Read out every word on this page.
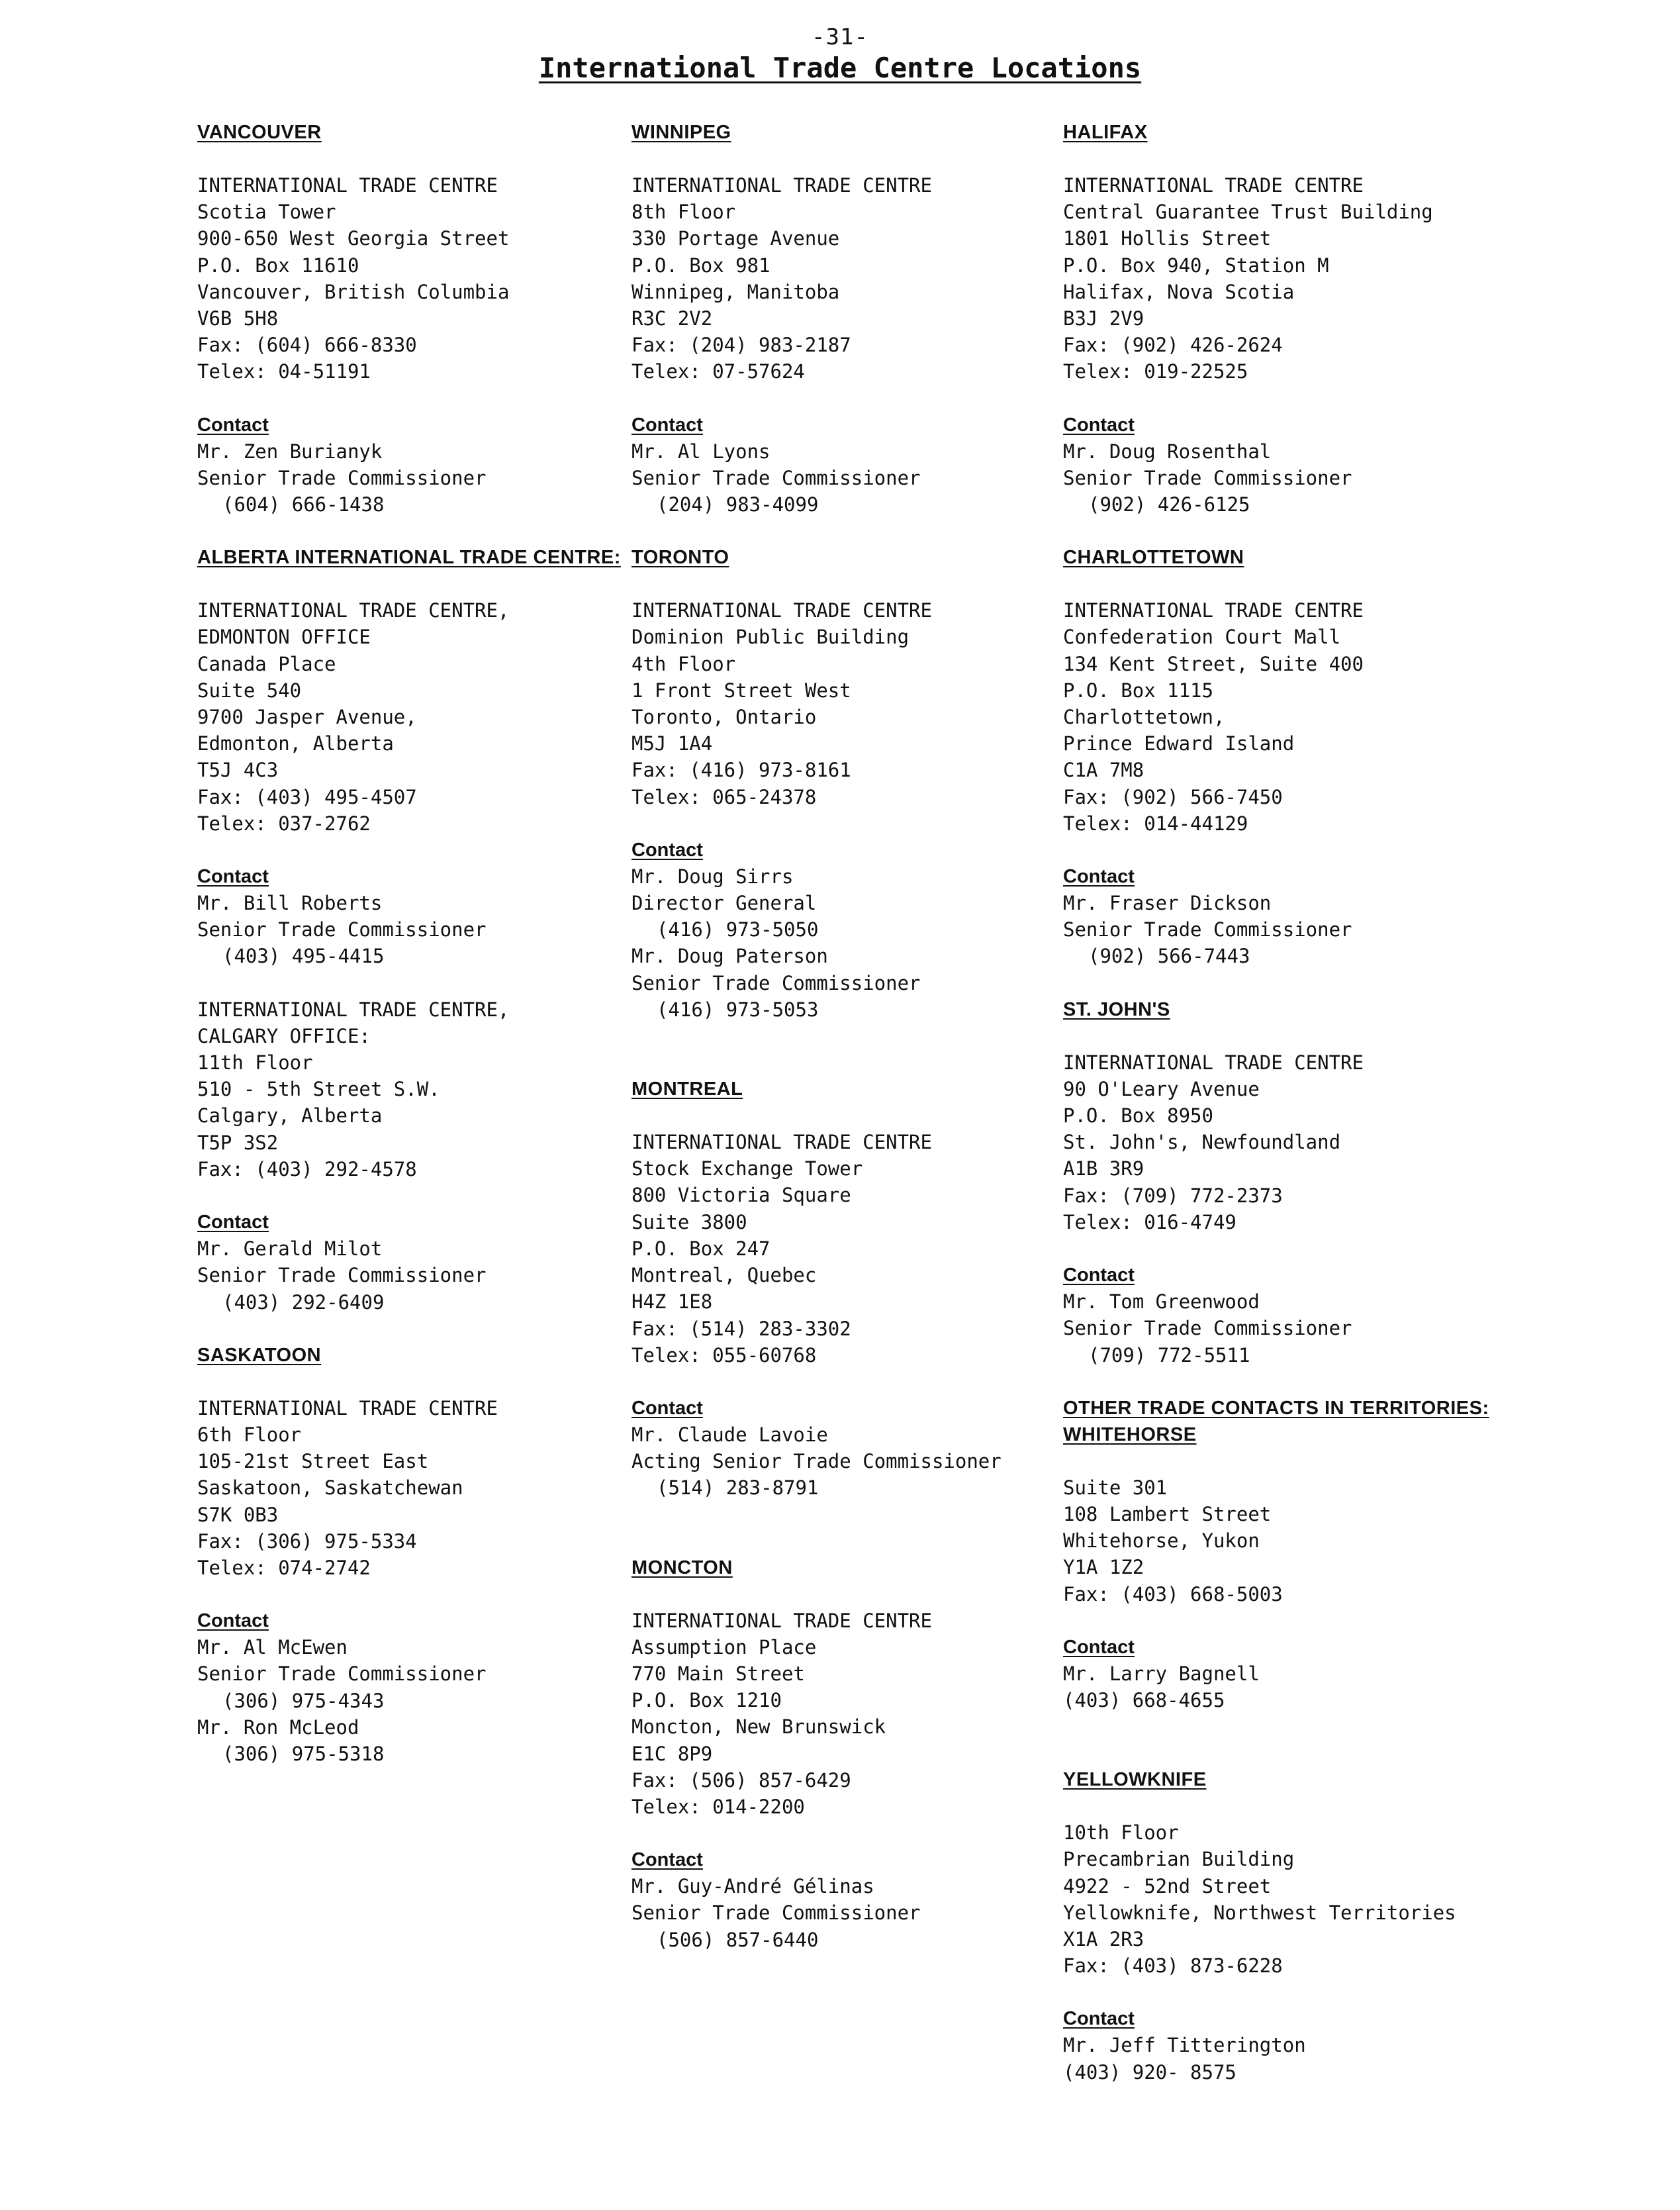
-31-
International Trade Centre Locations
VANCOUVER
INTERNATIONAL TRADE CENTRE
Scotia Tower
900-650 West Georgia Street
P.O. Box 11610
Vancouver, British Columbia
V6B 5H8
Fax: (604) 666-8330
Telex: 04-51191
Contact
Mr. Zen Burianyk
Senior Trade Commissioner
(604) 666-1438
ALBERTA INTERNATIONAL TRADE CENTRE:
INTERNATIONAL TRADE CENTRE,
EDMONTON OFFICE
Canada Place
Suite 540
9700 Jasper Avenue,
Edmonton, Alberta
T5J 4C3
Fax: (403) 495-4507
Telex: 037-2762
Contact
Mr. Bill Roberts
Senior Trade Commissioner
(403) 495-4415
INTERNATIONAL TRADE CENTRE,
CALGARY OFFICE:
11th Floor
510 - 5th Street S.W.
Calgary, Alberta
T5P 3S2
Fax: (403) 292-4578
Contact
Mr. Gerald Milot
Senior Trade Commissioner
(403) 292-6409
SASKATOON
INTERNATIONAL TRADE CENTRE
6th Floor
105-21st Street East
Saskatoon, Saskatchewan
S7K 0B3
Fax: (306) 975-5334
Telex: 074-2742
Contact
Mr. Al McEwen
Senior Trade Commissioner
(306) 975-4343
Mr. Ron McLeod
(306) 975-5318
WINNIPEG
INTERNATIONAL TRADE CENTRE
8th Floor
330 Portage Avenue
P.O. Box 981
Winnipeg, Manitoba
R3C 2V2
Fax: (204) 983-2187
Telex: 07-57624
Contact
Mr. Al Lyons
Senior Trade Commissioner
(204) 983-4099
TORONTO
INTERNATIONAL TRADE CENTRE
Dominion Public Building
4th Floor
1 Front Street West
Toronto, Ontario
M5J 1A4
Fax: (416) 973-8161
Telex: 065-24378
Contact
Mr. Doug Sirrs
Director General
(416) 973-5050
Mr. Doug Paterson
Senior Trade Commissioner
(416) 973-5053
MONTREAL
INTERNATIONAL TRADE CENTRE
Stock Exchange Tower
800 Victoria Square
Suite 3800
P.O. Box 247
Montreal, Quebec
H4Z 1E8
Fax: (514) 283-3302
Telex: 055-60768
Contact
Mr. Claude Lavoie
Acting Senior Trade Commissioner
(514) 283-8791
MONCTON
INTERNATIONAL TRADE CENTRE
Assumption Place
770 Main Street
P.O. Box 1210
Moncton, New Brunswick
E1C 8P9
Fax: (506) 857-6429
Telex: 014-2200
Contact
Mr. Guy-André Gélinas
Senior Trade Commissioner
(506) 857-6440
HALIFAX
INTERNATIONAL TRADE CENTRE
Central Guarantee Trust Building
1801 Hollis Street
P.O. Box 940, Station M
Halifax, Nova Scotia
B3J 2V9
Fax: (902) 426-2624
Telex: 019-22525
Contact
Mr. Doug Rosenthal
Senior Trade Commissioner
(902) 426-6125
CHARLOTTETOWN
INTERNATIONAL TRADE CENTRE
Confederation Court Mall
134 Kent Street, Suite 400
P.O. Box 1115
Charlottetown,
Prince Edward Island
C1A 7M8
Fax: (902) 566-7450
Telex: 014-44129
Contact
Mr. Fraser Dickson
Senior Trade Commissioner
(902) 566-7443
ST. JOHN'S
INTERNATIONAL TRADE CENTRE
90 O'Leary Avenue
P.O. Box 8950
St. John's, Newfoundland
A1B 3R9
Fax: (709) 772-2373
Telex: 016-4749
Contact
Mr. Tom Greenwood
Senior Trade Commissioner
(709) 772-5511
OTHER TRADE CONTACTS IN TERRITORIES: WHITEHORSE
Suite 301
108 Lambert Street
Whitehorse, Yukon
Y1A 1Z2
Fax: (403) 668-5003
Contact
Mr. Larry Bagnell
(403) 668-4655
YELLOWKNIFE
10th Floor
Precambrian Building
4922 - 52nd Street
Yellowknife, Northwest Territories
X1A 2R3
Fax: (403) 873-6228
Contact
Mr. Jeff Titterington
(403) 920- 8575
